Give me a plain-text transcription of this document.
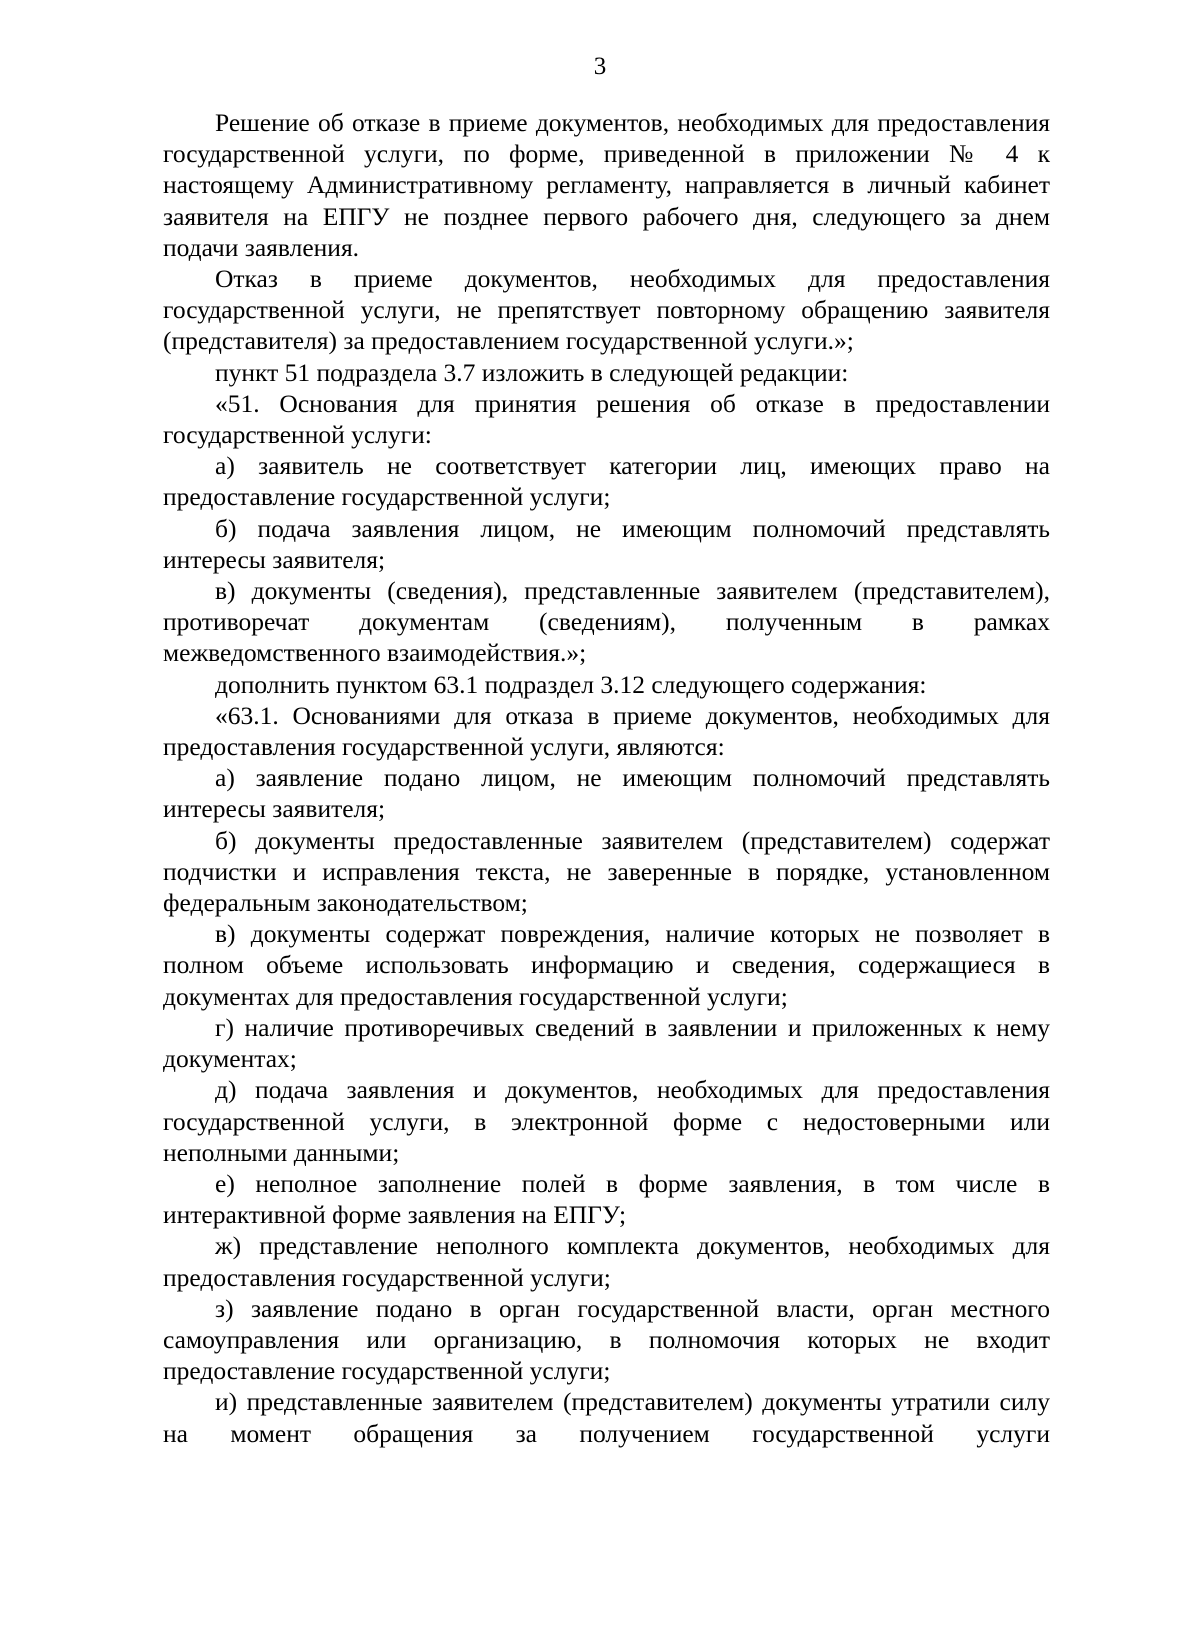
3

Решение об отказе в приеме документов, необходимых для предоставления государственной услуги, по форме, приведенной в приложении № 4 к настоящему Административному регламенту, направляется в личный кабинет заявителя на ЕПГУ не позднее первого рабочего дня, следующего за днем подачи заявления.

Отказ в приеме документов, необходимых для предоставления государственной услуги, не препятствует повторному обращению заявителя (представителя) за предоставлением государственной услуги.»;

пункт 51 подраздела 3.7 изложить в следующей редакции:

«51. Основания для принятия решения об отказе в предоставлении государственной услуги:

а) заявитель не соответствует категории лиц, имеющих право на предоставление государственной услуги;

б) подача заявления лицом, не имеющим полномочий представлять интересы заявителя;

в) документы (сведения), представленные заявителем (представителем), противоречат документам (сведениям), полученным в рамках межведомственного взаимодействия.»;

дополнить пунктом 63.1 подраздел 3.12 следующего содержания:

«63.1. Основаниями для отказа в приеме документов, необходимых для предоставления государственной услуги, являются:

а) заявление подано лицом, не имеющим полномочий представлять интересы заявителя;

б) документы предоставленные заявителем (представителем) содержат подчистки и исправления текста, не заверенные в порядке, установленном федеральным законодательством;

в) документы содержат повреждения, наличие которых не позволяет в полном объеме использовать информацию и сведения, содержащиеся в документах для предоставления государственной услуги;

г) наличие противоречивых сведений в заявлении и приложенных к нему документах;

д) подача заявления и документов, необходимых для предоставления государственной услуги, в электронной форме с недостоверными или неполными данными;

е) неполное заполнение полей в форме заявления, в том числе в интерактивной форме заявления на ЕПГУ;

ж) представление неполного комплекта документов, необходимых для предоставления государственной услуги;

з) заявление подано в орган государственной власти, орган местного самоуправления или организацию, в полномочия которых не входит предоставление государственной услуги;

и) представленные заявителем (представителем) документы утратили силу на момент обращения за получением государственной услуги
